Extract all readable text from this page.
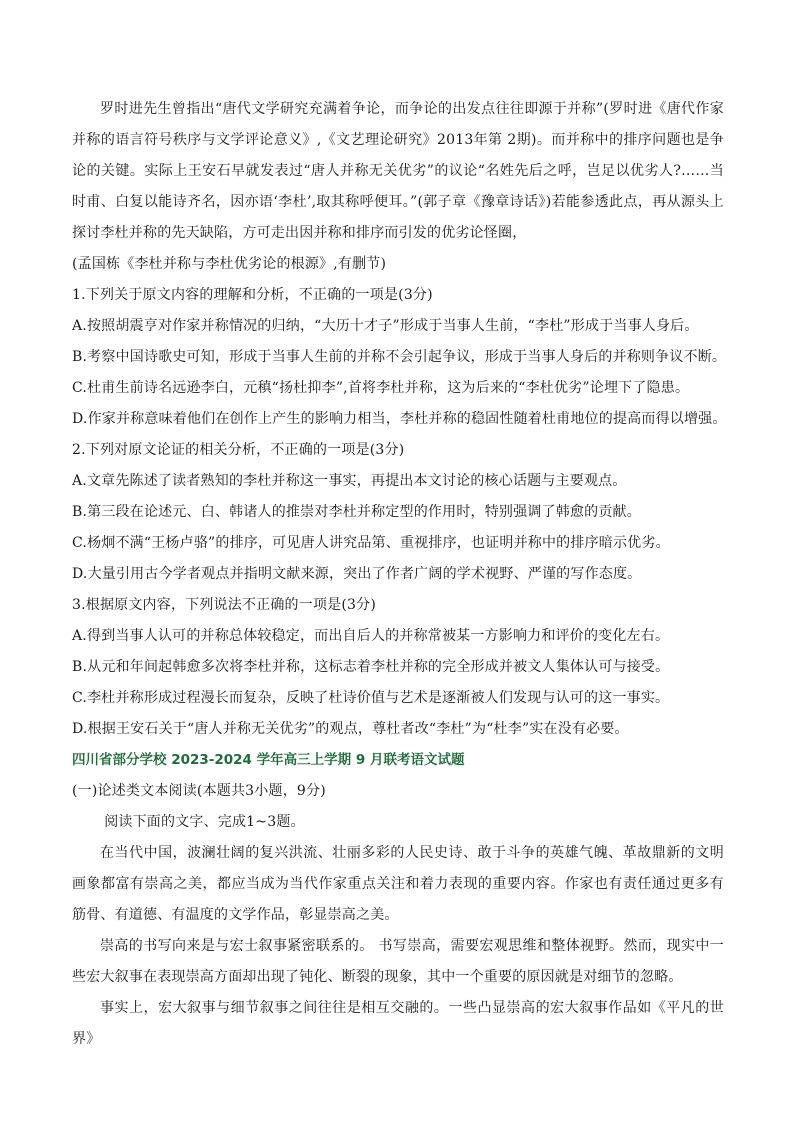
罗时进先生曾指出“唐代文学研究充满着争论，而争论的出发点往往即源于并称”(罗时进《唐代作家并称的语言符号秩序与文学评论意义》,《文艺理论研究》2013年第 2期)。而并称中的排序问题也是争论的关键。实际上王安石早就发表过“唐人并称无关优劣”的议论“名姓先后之呼，岂足以优劣人?……当时甫、白复以能诗齐名，因亦语‘李杜’,取其称呼便耳。”(郭子章《豫章诗话》)若能参透此点，再从源头上探讨李杜并称的先天缺陷，方可走出因并称和排序而引发的优劣论怪圈，

(孟国栋《李杜并称与李杜优劣论的根源》,有删节)

1.下列关于原文内容的理解和分析，不正确的一项是(3分)

A.按照胡震亨对作家并称情况的归纳，“大历十才子”形成于当事人生前，“李杜”形成于当事人身后。

B.考察中国诗歌史可知，形成于当事人生前的并称不会引起争议，形成于当事人身后的并称则争议不断。

C.杜甫生前诗名远逊李白，元稹“扬杜抑李”,首将李杜并称，这为后来的“李杜优劣”论埋下了隐患。

D.作家并称意味着他们在创作上产生的影响力相当，李杜并称的稳固性随着杜甫地位的提高而得以增强。

2.下列对原文论证的相关分析，不正确的一项是(3分)

A.文章先陈述了读者熟知的李杜并称这一事实，再提出本文讨论的核心话题与主要观点。

B.第三段在论述元、白、韩诸人的推崇对李杜并称定型的作用时，特别强调了韩愈的贡献。

C.杨炯不满“王杨卢骆”的排序，可见唐人讲究品第、重视排序，也证明并称中的排序暗示优劣。

D.大量引用古今学者观点并指明文献来源，突出了作者广阔的学术视野、严谨的写作态度。

3.根据原文内容，下列说法不正确的一项是(3分)

A.得到当事人认可的并称总体较稳定，而出自后人的并称常被某一方影响力和评价的变化左右。

B.从元和年间起韩愈多次将李杜并称，这标志着李杜并称的完全形成并被文人集体认可与接受。

C.李杜并称形成过程漫长而复杂，反映了杜诗价值与艺术是逐渐被人们发现与认可的这一事实。

D.根据王安石关于“唐人并称无关优劣”的观点，尊杜者改“李杜”为“杜李”实在没有必要。

四川省部分学校 2023-2024 学年高三上学期 9 月联考语文试题

(一)论述类文本阅读(本题共3小题，9分)

阅读下面的文字、完成1~3题。

在当代中国，波澜壮阔的复兴洪流、壮丽多彩的人民史诗、敢于斗争的英雄气魄、革故鼎新的文明画象都富有崇高之美，都应当成为当代作家重点关注和着力表现的重要内容。作家也有责任通过更多有筋骨、有道德、有温度的文学作品，彰显崇高之美。

崇高的书写向来是与宏士叙事紧密联系的。 书写崇高，需要宏观思维和整体视野。然而，现实中一些宏大叙事在表现崇高方面却出现了钝化、断裂的现象，其中一个重要的原因就是对细节的忽略。

事实上，宏大叙事与细节叙事之间往往是相互交融的。一些凸显崇高的宏大叙事作品如《平凡的世界》
